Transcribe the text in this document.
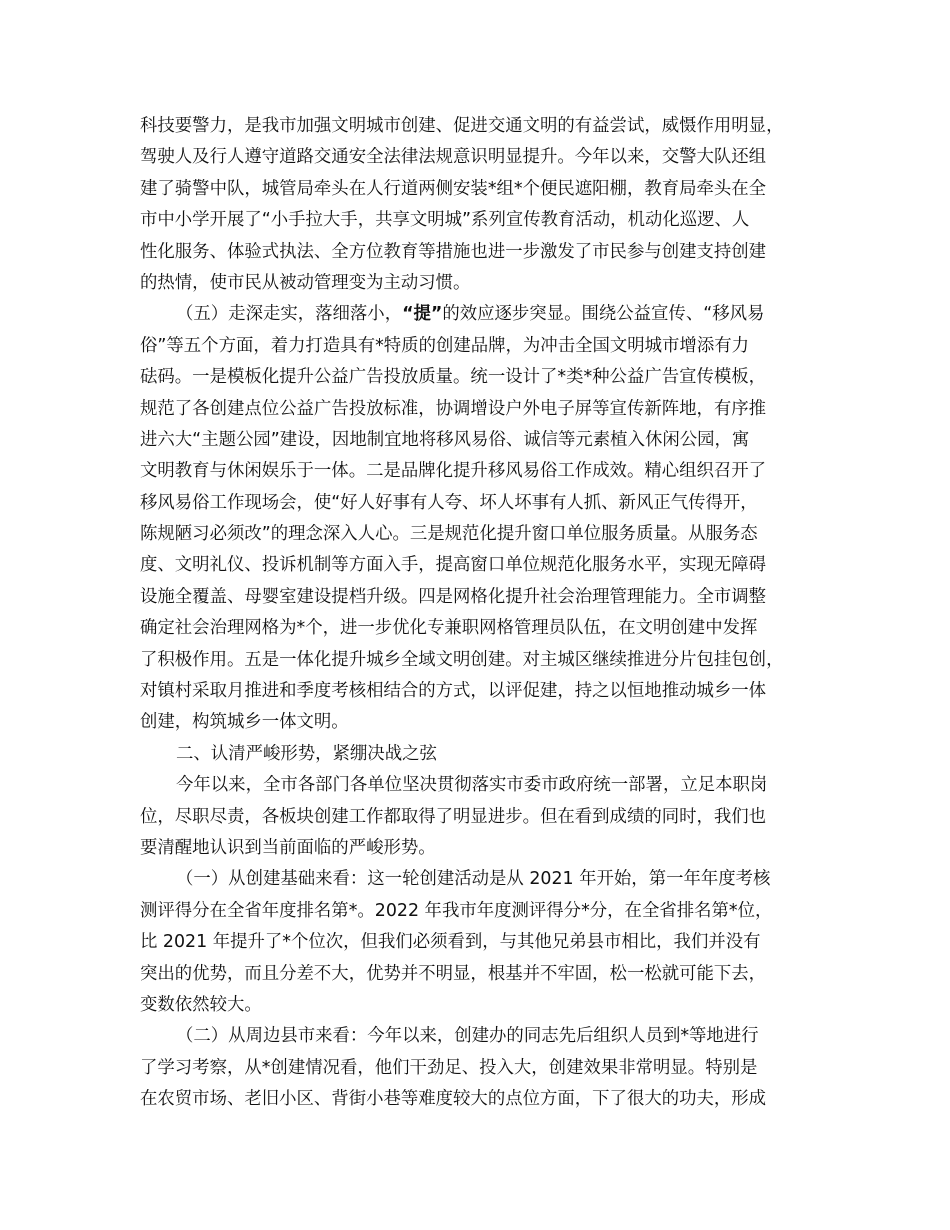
科技要警力，是我市加强文明城市创建、促进交通文明的有益尝试，威慑作用明显，
驾驶人及行人遵守道路交通安全法律法规意识明显提升。今年以来，交警大队还组
建了骑警中队，城管局牵头在人行道两侧安装*组*个便民遮阳棚，教育局牵头在全
市中小学开展了“小手拉大手，共享文明城”系列宣传教育活动，机动化巡逻、人
性化服务、体验式执法、全方位教育等措施也进一步激发了市民参与创建支持创建
的热情，使市民从被动管理变为主动习惯。
（五）走深走实，落细落小，“提”的效应逐步突显。围绕公益宣传、“移风易
俗”等五个方面，着力打造具有*特质的创建品牌，为冲击全国文明城市增添有力
砝码。一是模板化提升公益广告投放质量。统一设计了*类*种公益广告宣传模板，
规范了各创建点位公益广告投放标准，协调增设户外电子屏等宣传新阵地，有序推
进六大“主题公园”建设，因地制宜地将移风易俗、诚信等元素植入休闲公园，寓
文明教育与休闲娱乐于一体。二是品牌化提升移风易俗工作成效。精心组织召开了
移风易俗工作现场会，使“好人好事有人夸、坏人坏事有人抓、新风正气传得开，
陈规陋习必须改”的理念深入人心。三是规范化提升窗口单位服务质量。从服务态
度、文明礼仪、投诉机制等方面入手，提高窗口单位规范化服务水平，实现无障碍
设施全覆盖、母婴室建设提档升级。四是网格化提升社会治理管理能力。全市调整
确定社会治理网格为*个，进一步优化专兼职网格管理员队伍，在文明创建中发挥
了积极作用。五是一体化提升城乡全域文明创建。对主城区继续推进分片包挂包创，
对镇村采取月推进和季度考核相结合的方式，以评促建，持之以恒地推动城乡一体
创建，构筑城乡一体文明。
二、认清严峻形势，紧绷决战之弦
今年以来，全市各部门各单位坚决贯彻落实市委市政府统一部署，立足本职岗
位，尽职尽责，各板块创建工作都取得了明显进步。但在看到成绩的同时，我们也
要清醒地认识到当前面临的严峻形势。
（一）从创建基础来看：这一轮创建活动是从 2021 年开始，第一年年度考核
测评得分在全省年度排名第*。2022 年我市年度测评得分*分，在全省排名第*位，
比 2021 年提升了*个位次，但我们必须看到，与其他兄弟县市相比，我们并没有
突出的优势，而且分差不大，优势并不明显，根基并不牢固，松一松就可能下去，
变数依然较大。
（二）从周边县市来看：今年以来，创建办的同志先后组织人员到*等地进行
了学习考察，从*创建情况看，他们干劲足、投入大，创建效果非常明显。特别是
在农贸市场、老旧小区、背街小巷等难度较大的点位方面，下了很大的功夫，形成
